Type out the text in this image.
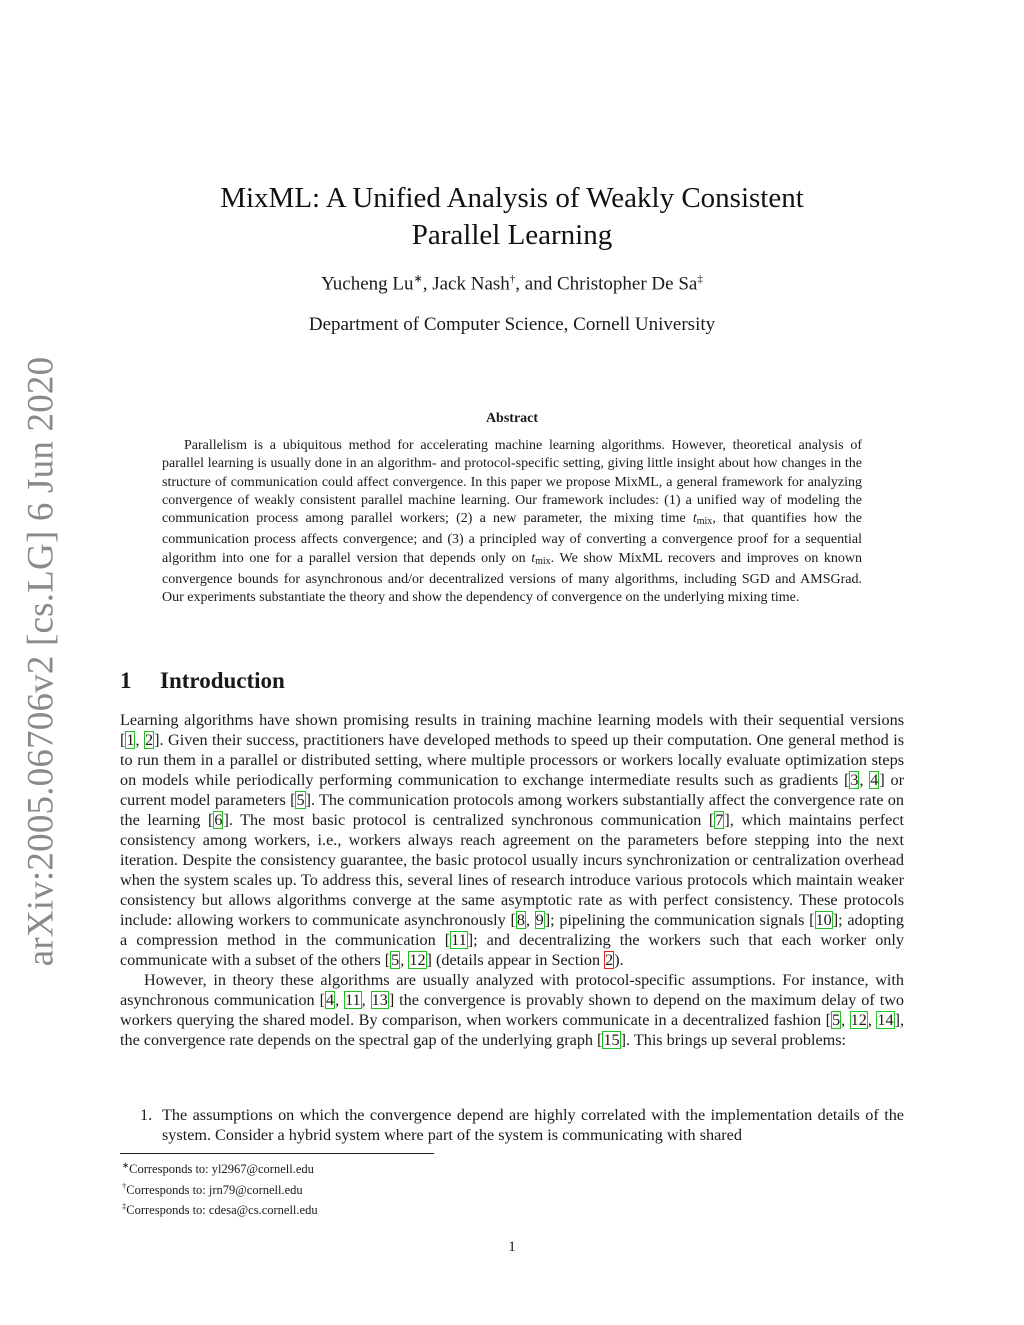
arXiv:2005.06706v2 [cs.LG] 6 Jun 2020
MixML: A Unified Analysis of Weakly Consistent
Parallel Learning
Yucheng Lu∗, Jack Nash†, and Christopher De Sa‡
Department of Computer Science, Cornell University
Abstract

Parallelism is a ubiquitous method for accelerating machine learning algorithms. However, theoretical analysis of parallel learning is usually done in an algorithm- and protocol-specific setting, giving little insight about how changes in the structure of communication could affect convergence. In this paper we propose MixML, a general framework for analyzing convergence of weakly consistent parallel machine learning. Our framework includes: (1) a unified way of modeling the communication process among parallel workers; (2) a new parameter, the mixing time $t_{mix}$, that quantifies how the communication process affects convergence; and (3) a principled way of converting a convergence proof for a sequential algorithm into one for a parallel version that depends only on $t_{mix}$. We show MixML recovers and improves on known convergence bounds for asynchronous and/or decentralized versions of many algorithms, including SGD and AMSGrad. Our experiments substantiate the theory and show the dependency of convergence on the underlying mixing time.

1 Introduction

Learning algorithms have shown promising results in training machine learning models with their sequential versions [1, 2]. Given their success, practitioners have developed methods to speed up their computation. One general method is to run them in a parallel or distributed setting, where multiple processors or workers locally evaluate optimization steps on models while periodically performing communication to exchange intermediate results such as gradients [3, 4] or current model parameters [5]. The communication protocols among workers substantially affect the convergence rate on the learning [6]. The most basic protocol is centralized synchronous communication [7], which maintains perfect consistency among workers, i.e., workers always reach agreement on the parameters before stepping into the next iteration. Despite the consistency guarantee, the basic protocol usually incurs synchronization or centralization overhead when the system scales up. To address this, several lines of research introduce various protocols which maintain weaker consistency but allows algorithms converge at the same asymptotic rate as with perfect consistency. These protocols include: allowing workers to communicate asynchronously [8, 9]; pipelining the communication signals [10]; adopting a compression method in the communication [11]; and decentralizing the workers such that each worker only communicate with a subset of the others [5, 12] (details appear in Section 2).

However, in theory these algorithms are usually analyzed with protocol-specific assumptions. For instance, with asynchronous communication [4, 11, 13] the convergence is provably shown to depend on the maximum delay of two workers querying the shared model. By comparison, when workers communicate in a decentralized fashion [5, 12, 14], the convergence rate depends on the spectral gap of the underlying graph [15]. This brings up several problems:

1. The assumptions on which the convergence depend are highly correlated with the implementation details of the system. Consider a hybrid system where part of the system is communicating with shared
∗Corresponds to: yl2967@cornell.edu
†Corresponds to: jrn79@cornell.edu
‡Corresponds to: cdesa@cs.cornell.edu
1
